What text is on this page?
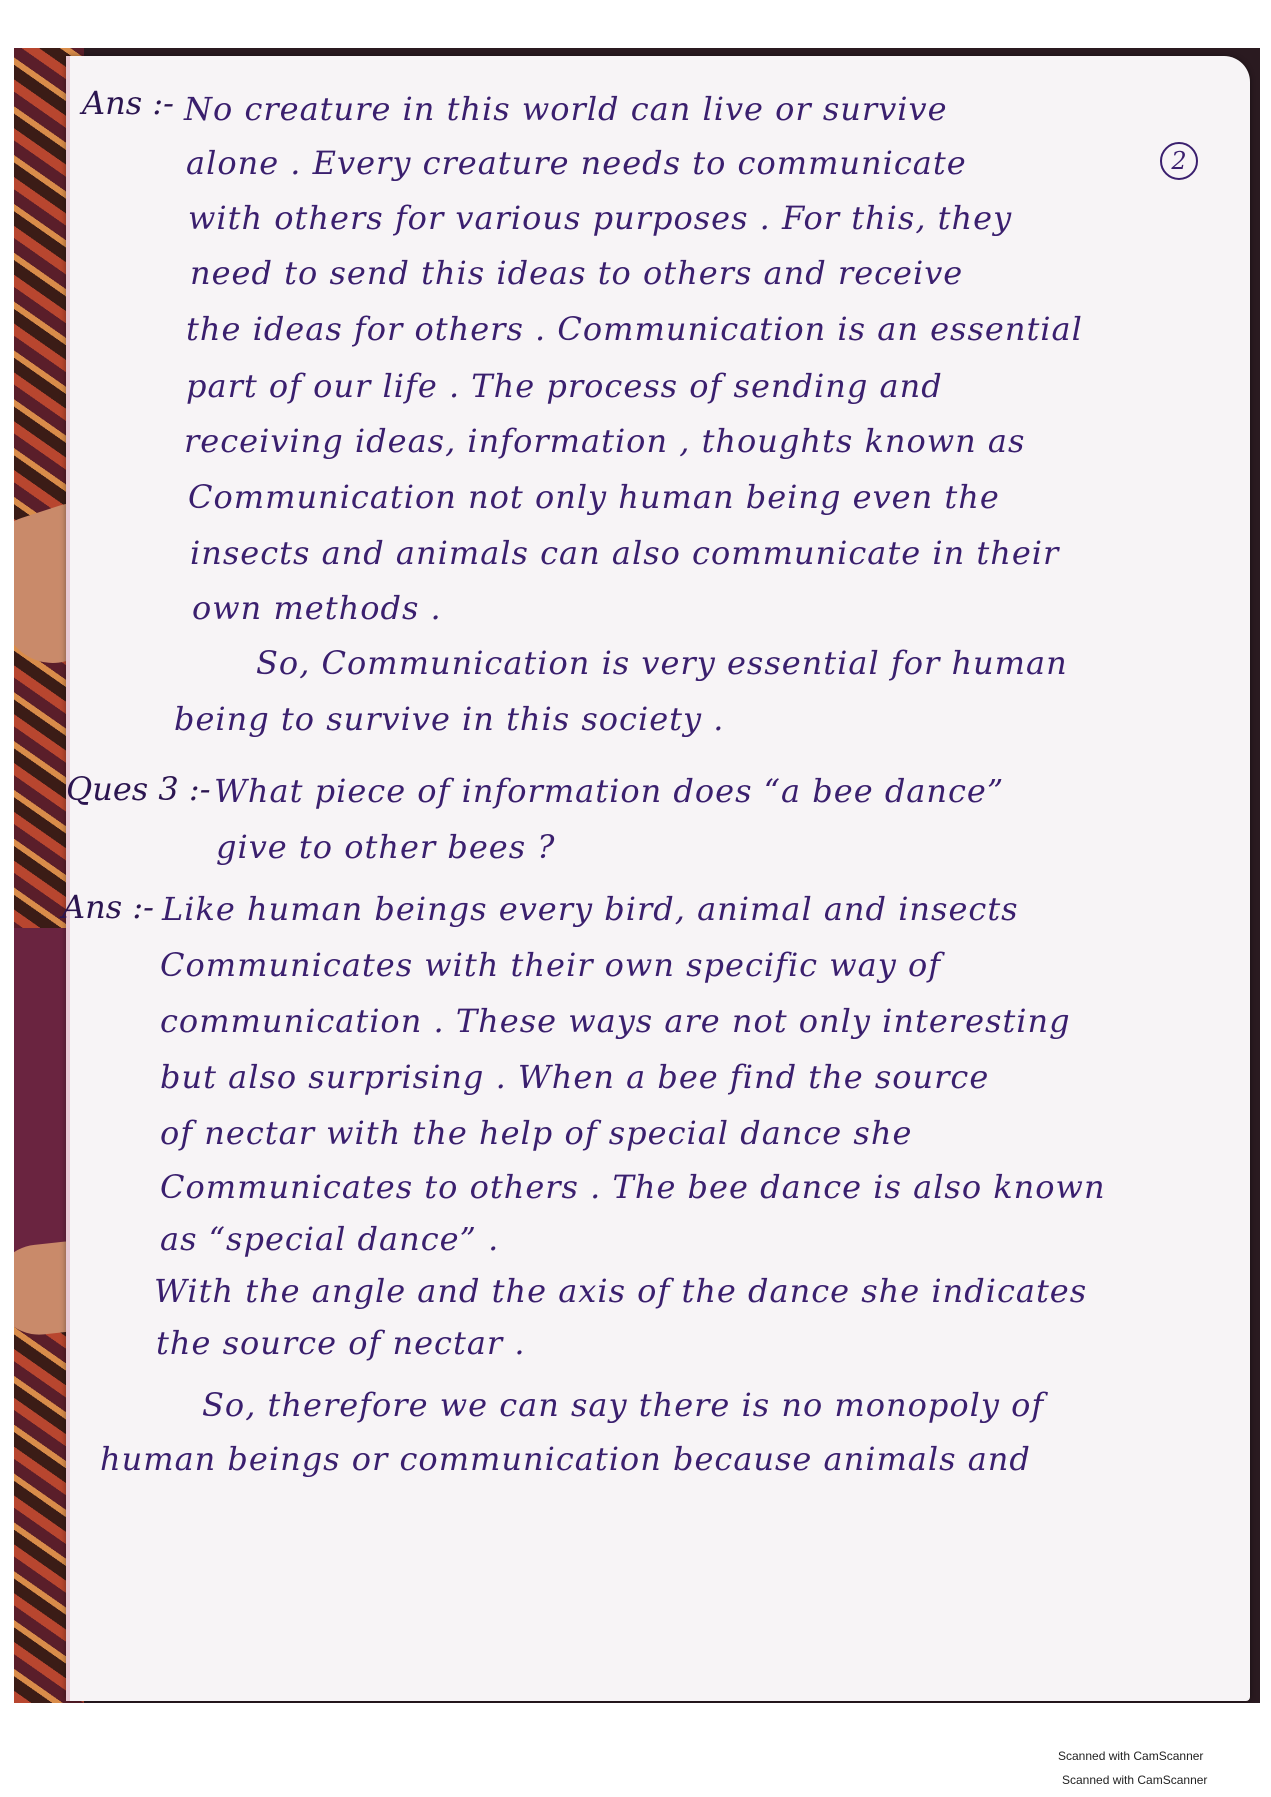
Ans :- No creature in this world can live or survive
alone . Every creature needs to communicate	2
with others for various purposes . For this, they
need to send this ideas to others and receive
the ideas for others . Communication is an essential
part of our life . The process of sending and
receiving ideas, information , thoughts known as
Communication not only human being even the
insects and animals can also communicate in their
own methods .
So, Communication is very essential for human
being to survive in this society .
Ques 3 :- What piece of information does “a bee dance”
give to other bees ?
Ans :- Like human beings every bird, animal and insects
Communicates with their own specific way of
communication . These ways are not only interesting
but also surprising . When a bee find the source
of nectar with the help of special dance she
Communicates to others . The bee dance is also known
as “special dance” .
With the angle and the axis of the dance she indicates
the source of nectar .
So, therefore we can say there is no monopoly of
human beings or communication because animals and
Scanned with CamScanner
Scanned with CamScanner
